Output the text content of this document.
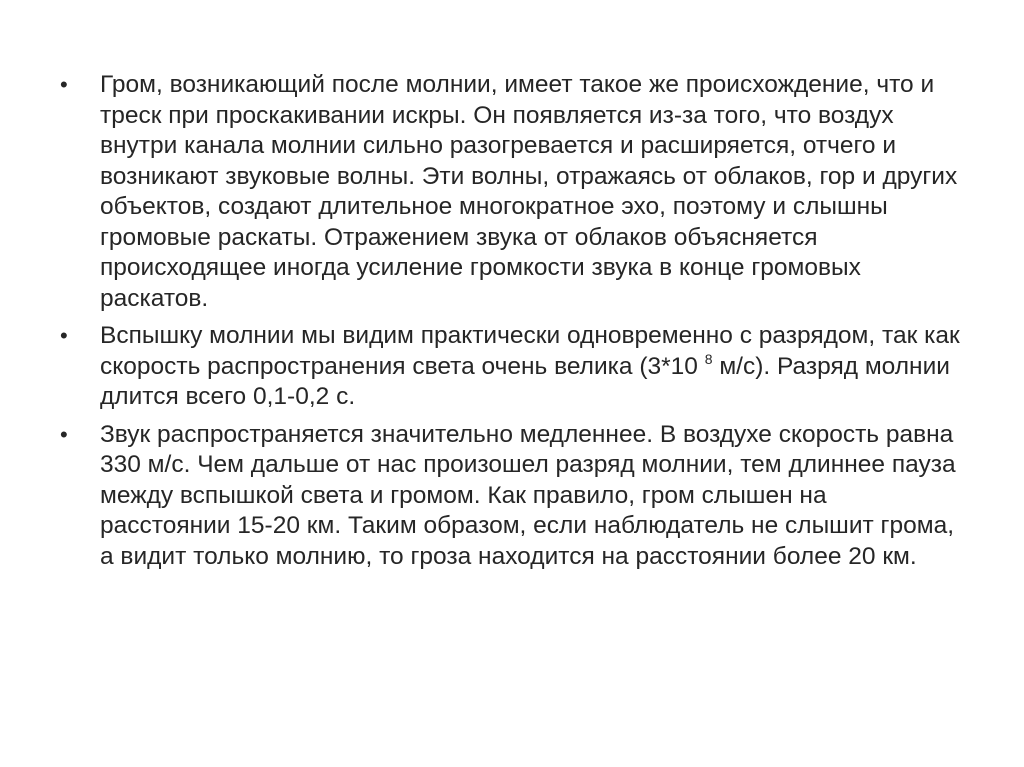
• Гром, возникающий после молнии, имеет такое же происхождение, что и треск при проскакивании искры. Он появляется из-за того, что воздух внутри канала молнии сильно разогревается и расширяется, отчего и возникают звуковые волны. Эти волны, отражаясь от облаков, гор и других объектов, создают длительное многократное эхо, поэтому и слышны громовые раскаты. Отражением звука от облаков объясняется происходящее иногда усиление громкости звука в конце громовых раскатов.
• Вспышку молнии мы видим практически одновременно с разрядом, так как скорость распространения света очень велика (3*10 $^8$ м/с). Разряд молнии длится всего 0,1-0,2 с.
• Звук распространяется значительно медленнее. В воздухе скорость равна 330 м/с. Чем дальше от нас произошел разряд молнии, тем длиннее пауза между вспышкой света и громом. Как правило, гром слышен на расстоянии 15-20 км. Таким образом, если наблюдатель не слышит грома, а видит только молнию, то гроза находится на расстоянии более 20 км.
